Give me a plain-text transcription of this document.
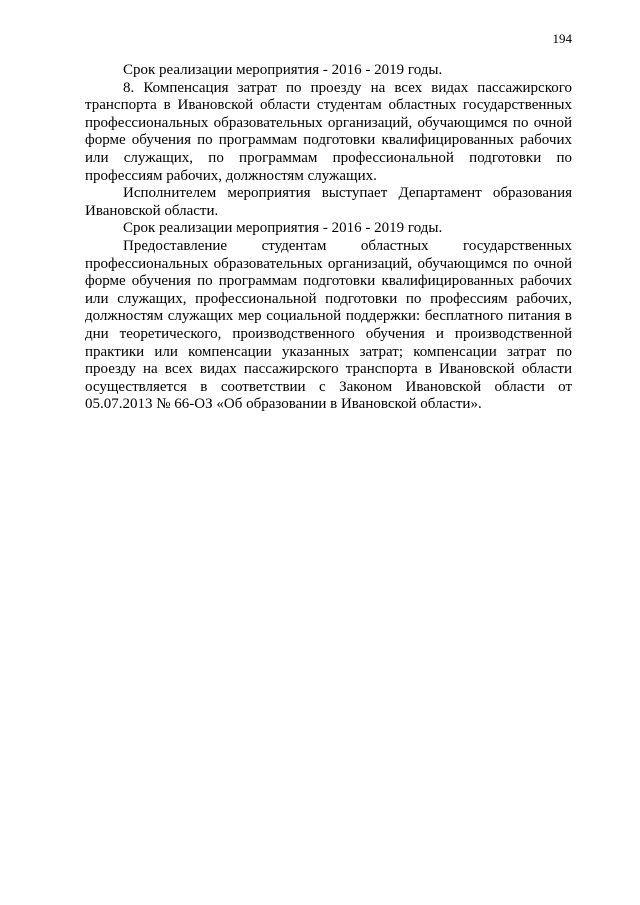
194

Срок реализации мероприятия - 2016 - 2019 годы.

8. Компенсация затрат по проезду на всех видах пассажирского транспорта в Ивановской области студентам областных государственных профессиональных образовательных организаций, обучающимся по очной форме обучения по программам подготовки квалифицированных рабочих или служащих, по программам профессиональной подготовки по профессиям рабочих, должностям служащих.

Исполнителем мероприятия выступает Департамент образования Ивановской области.

Срок реализации мероприятия - 2016 - 2019 годы.

Предоставление студентам областных государственных профессиональных образовательных организаций, обучающимся по очной форме обучения по программам подготовки квалифицированных рабочих или служащих, профессиональной подготовки по профессиям рабочих, должностям служащих мер социальной поддержки: бесплатного питания в дни теоретического, производственного обучения и производственной практики или компенсации указанных затрат; компенсации затрат по проезду на всех видах пассажирского транспорта в Ивановской области осуществляется в соответствии с Законом Ивановской области от 05.07.2013 № 66-ОЗ «Об образовании в Ивановской области».
